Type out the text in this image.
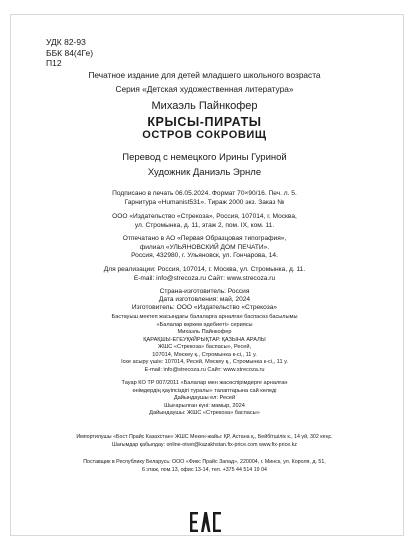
УДК 82-93
ББК 84(4Ге)
П12
Печатное издание для детей младшего школьного возраста
Серия «Детская художественная литература»
Михаэль Пайнкофер
КРЫСЫ-ПИРАТЫ
ОСТРОВ СОКРОВИЩ
Перевод с немецкого Ирины Гуриной
Художник Даниэль Эрнле
Подписано в печать 06.05.2024. Формат 70×90/16. Печ. л. 5.
Гарнитура «Humanist531». Тираж 2000 экз. Заказ №
ООО «Издательство «Стрекоза», Россия, 107014, г. Москва,
ул. Стромынка, д. 11, этаж 2, пом. IX, ком. 11.
Отпечатано в АО «Первая Образцовая типография»,
филиал «УЛЬЯНОВСКИЙ ДОМ ПЕЧАТИ».
Россия, 432980, г. Ульяновск, ул. Гончарова, 14.
Для реализации: Россия, 107014, г. Москва, ул. Стромынка, д. 11.
E-mail: info@strecoza.ru Сайт: www.strecoza.ru
Страна-изготовитель: Россия
Дата изготовления: май, 2024
Изготовитель: ООО «Издательство «Стрекоза»
Бастауыш мектеп жасындағы балаларға арналған баспасөз басылымы
«Балалар көркем әдебиеті» сериясы
Михаэль Пайнкофер
ҚАРАҚШЫ-ЕГЕУҚҰЙРЫҚТАР. ҚАЗЫНА АРАЛЫ
ЖШС «Стрекоза» баспасы», Ресей,
107014, Мәскеу қ., Стромынка к-сі,, 11 у.
Іске асыру үшін: 107014, Ресей, Мәскеу қ., Стромынка к-сі,, 11 у.
E-mail: info@strecoza.ru Сайт: www.strecoza.ru
Тауар КО ТР 007/2011 «Балалар мен жасөспірімдерге арналған
өнімдердің қауіпсіздігі туралы» талаптарына сай келеді
Дайындаушы ел: Ресей
Шығарылған күні: мамыр, 2024
Дайындаушы: ЖШС «Стрекоза» баспасы»
Импортилушы «Бост Прайс Казахстан» ЖШС Мекен-жайы: ҚР, Астана қ., Бейбітшілік к., 14 үй, 302 кеңс.
Шағымдар қабылдау: online-otvet@kazakhstan.fix-price.com www.fix-price.kz
Поставщик в Республику Беларусь: ООО «Фикс Прайс Запад», 220004, г. Минск, ул. Короля, д. 51,
6 этаж, пом.13, офис 13-14, тел. +375 44 514 19 04
